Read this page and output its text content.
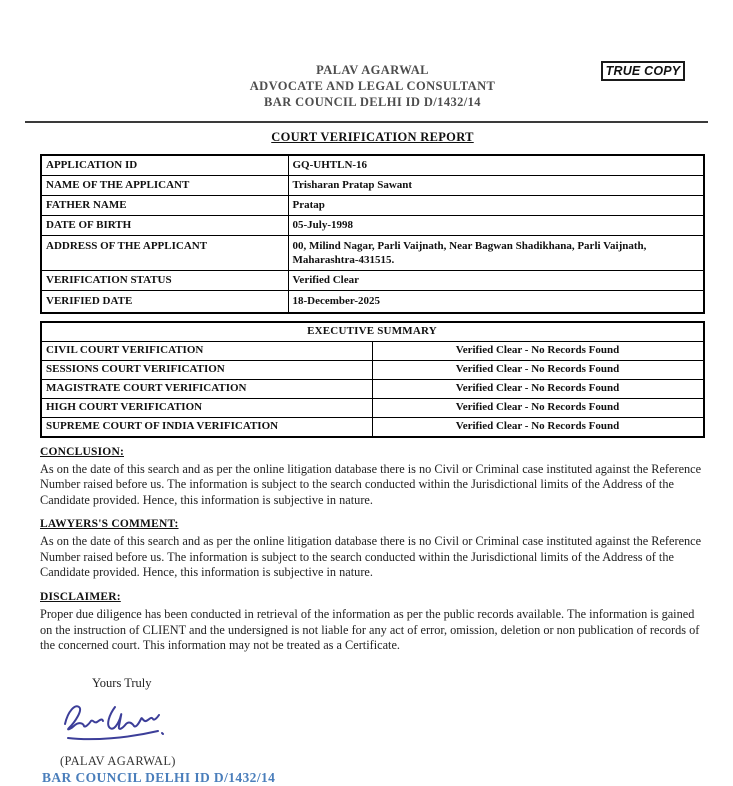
TRUE COPY
PALAV AGARWAL
ADVOCATE AND LEGAL CONSULTANT
BAR COUNCIL DELHI ID D/1432/14
COURT VERIFICATION REPORT
APPLICATION ID	GQ-UHTLN-16
NAME OF THE APPLICANT	Trisharan Pratap Sawant
FATHER NAME	Pratap
DATE OF BIRTH	05-July-1998
ADDRESS OF THE APPLICANT	00, Milind Nagar, Parli Vaijnath, Near Bagwan Shadikhana, Parli Vaijnath, Maharashtra-431515.
VERIFICATION STATUS	Verified Clear
VERIFIED DATE	18-December-2025
EXECUTIVE SUMMARY	
CIVIL COURT VERIFICATION	Verified Clear - No Records Found
SESSIONS COURT VERIFICATION	Verified Clear - No Records Found
MAGISTRATE COURT VERIFICATION	Verified Clear - No Records Found
HIGH COURT VERIFICATION	Verified Clear - No Records Found
SUPREME COURT OF INDIA VERIFICATION	Verified Clear - No Records Found
CONCLUSION:
As on the date of this search and as per the online litigation database there is no Civil or Criminal case instituted against the Reference Number raised before us. The information is subject to the search conducted within the Jurisdictional limits of the Address of the Candidate provided. Hence, this information is subjective in nature.
LAWYERS'S COMMENT:
As on the date of this search and as per the online litigation database there is no Civil or Criminal case instituted against the Reference Number raised before us. The information is subject to the search conducted within the Jurisdictional limits of the Address of the Candidate provided. Hence, this information is subjective in nature.
DISCLAIMER:
Proper due diligence has been conducted in retrieval of the information as per the public records available. The information is gained on the instruction of CLIENT and the undersigned is not liable for any act of error, omission, deletion or non publication of records of the concerned court. This information may not be treated as a Certificate.
Yours Truly
(PALAV AGARWAL)
BAR COUNCIL DELHI ID D/1432/14
